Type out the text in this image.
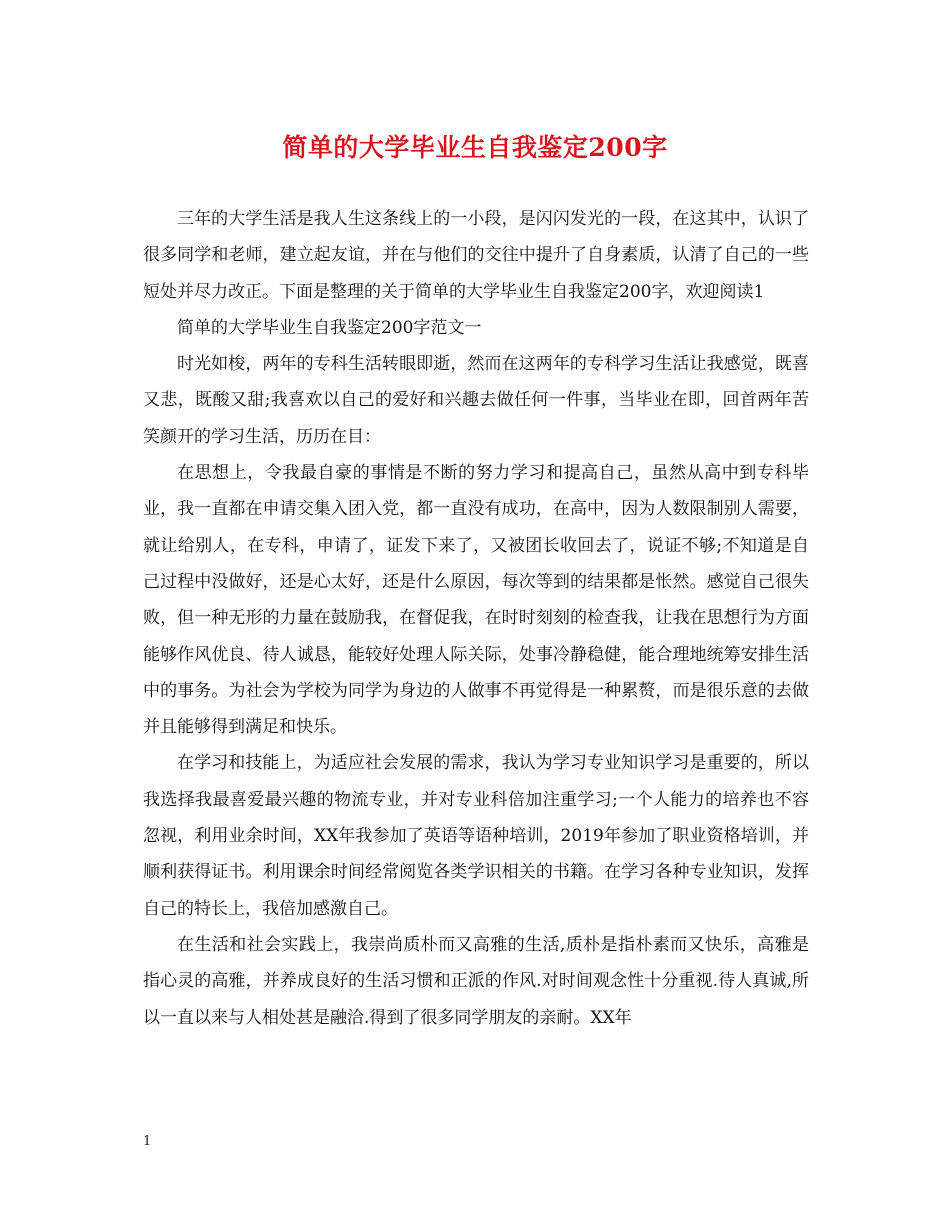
简单的大学毕业生自我鉴定200字

三年的大学生活是我人生这条线上的一小段，是闪闪发光的一段，在这其中，认识了很多同学和老师，建立起友谊，并在与他们的交往中提升了自身素质，认清了自己的一些短处并尽力改正。下面是整理的关于简单的大学毕业生自我鉴定200字，欢迎阅读1

简单的大学毕业生自我鉴定200字范文一

时光如梭，两年的专科生活转眼即逝，然而在这两年的专科学习生活让我感觉，既喜又悲，既酸又甜;我喜欢以自己的爱好和兴趣去做任何一件事，当毕业在即，回首两年苦笑颜开的学习生活，历历在目：

在思想上，令我最自豪的事情是不断的努力学习和提高自己，虽然从高中到专科毕业，我一直都在申请交集入团入党，都一直没有成功，在高中，因为人数限制别人需要，就让给别人，在专科，申请了，证发下来了，又被团长收回去了，说证不够;不知道是自己过程中没做好，还是心太好，还是什么原因，每次等到的结果都是怅然。感觉自己很失败，但一种无形的力量在鼓励我，在督促我，在时时刻刻的检查我，让我在思想行为方面能够作风优良、待人诚恳，能较好处理人际关际，处事冷静稳健，能合理地统筹安排生活中的事务。为社会为学校为同学为身边的人做事不再觉得是一种累赘，而是很乐意的去做并且能够得到满足和快乐。

在学习和技能上，为适应社会发展的需求，我认为学习专业知识学习是重要的，所以我选择我最喜爱最兴趣的物流专业，并对专业科倍加注重学习;一个人能力的培养也不容忽视，利用业余时间，XX年我参加了英语等语种培训，2019年参加了职业资格培训，并顺利获得证书。利用课余时间经常阅览各类学识相关的书籍。在学习各种专业知识，发挥自己的特长上，我倍加感激自己。

在生活和社会实践上，我崇尚质朴而又高雅的生活,质朴是指朴素而又快乐，高雅是指心灵的高雅，并养成良好的生活习惯和正派的作风.对时间观念性十分重视.待人真诚,所以一直以来与人相处甚是融洽.得到了很多同学朋友的亲耐。XX年

1
